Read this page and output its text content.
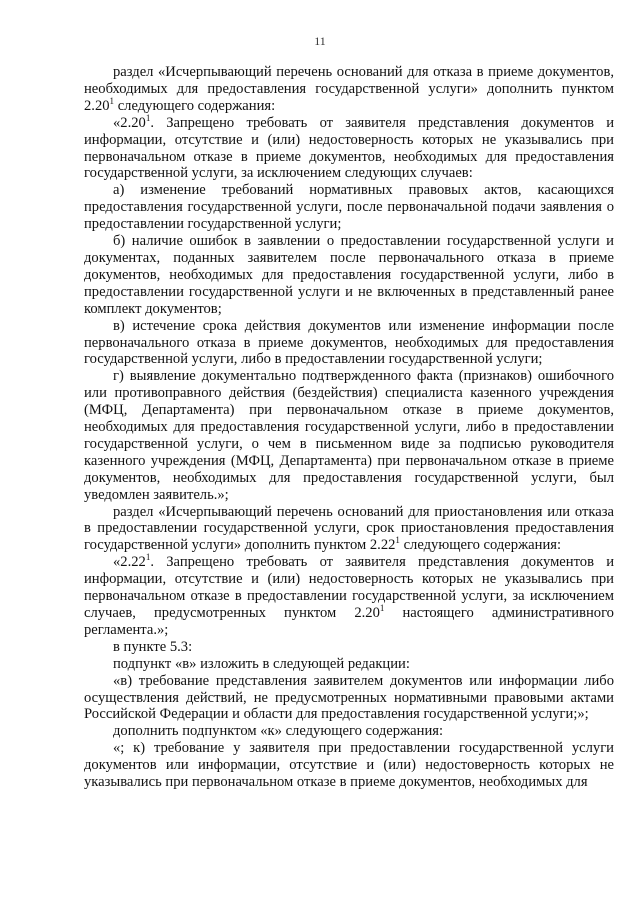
11

раздел «Исчерпывающий перечень оснований для отказа в приеме документов, необходимых для предоставления государственной услуги» дополнить пунктом 2.20$^1$ следующего содержания:

«2.20$^1$. Запрещено требовать от заявителя представления документов и информации, отсутствие и (или) недостоверность которых не указывались при первоначальном отказе в приеме документов, необходимых для предоставления государственной услуги, за исключением следующих случаев:

а) изменение требований нормативных правовых актов, касающихся предоставления государственной услуги, после первоначальной подачи заявления о предоставлении государственной услуги;

б) наличие ошибок в заявлении о предоставлении государственной услуги и документах, поданных заявителем после первоначального отказа в приеме документов, необходимых для предоставления государственной услуги, либо в предоставлении государственной услуги и не включенных в представленный ранее комплект документов;

в) истечение срока действия документов или изменение информации после первоначального отказа в приеме документов, необходимых для предоставления государственной услуги, либо в предоставлении государственной услуги;

г) выявление документально подтвержденного факта (признаков) ошибочного или противоправного действия (бездействия) специалиста казенного учреждения (МФЦ, Департамента) при первоначальном отказе в приеме документов, необходимых для предоставления государственной услуги, либо в предоставлении государственной услуги, о чем в письменном виде за подписью руководителя казенного учреждения (МФЦ, Департамента) при первоначальном отказе в приеме документов, необходимых для предоставления государственной услуги, был уведомлен заявитель.»;

раздел «Исчерпывающий перечень оснований для приостановления или отказа в предоставлении государственной услуги, срок приостановления предоставления государственной услуги» дополнить пунктом 2.22$^1$ следующего содержания:

«2.22$^1$. Запрещено требовать от заявителя представления документов и информации, отсутствие и (или) недостоверность которых не указывались при первоначальном отказе в предоставлении государственной услуги, за исключением случаев, предусмотренных пунктом 2.20$^1$ настоящего административного регламента.»;

в пункте 5.3:

подпункт «в» изложить в следующей редакции:

«в) требование представления заявителем документов или информации либо осуществления действий, не предусмотренных нормативными правовыми актами Российской Федерации и области для предоставления государственной услуги;»;

дополнить подпунктом «к» следующего содержания:

«; к) требование у заявителя при предоставлении государственной услуги документов или информации, отсутствие и (или) недостоверность которых не указывались при первоначальном отказе в приеме документов, необходимых для
